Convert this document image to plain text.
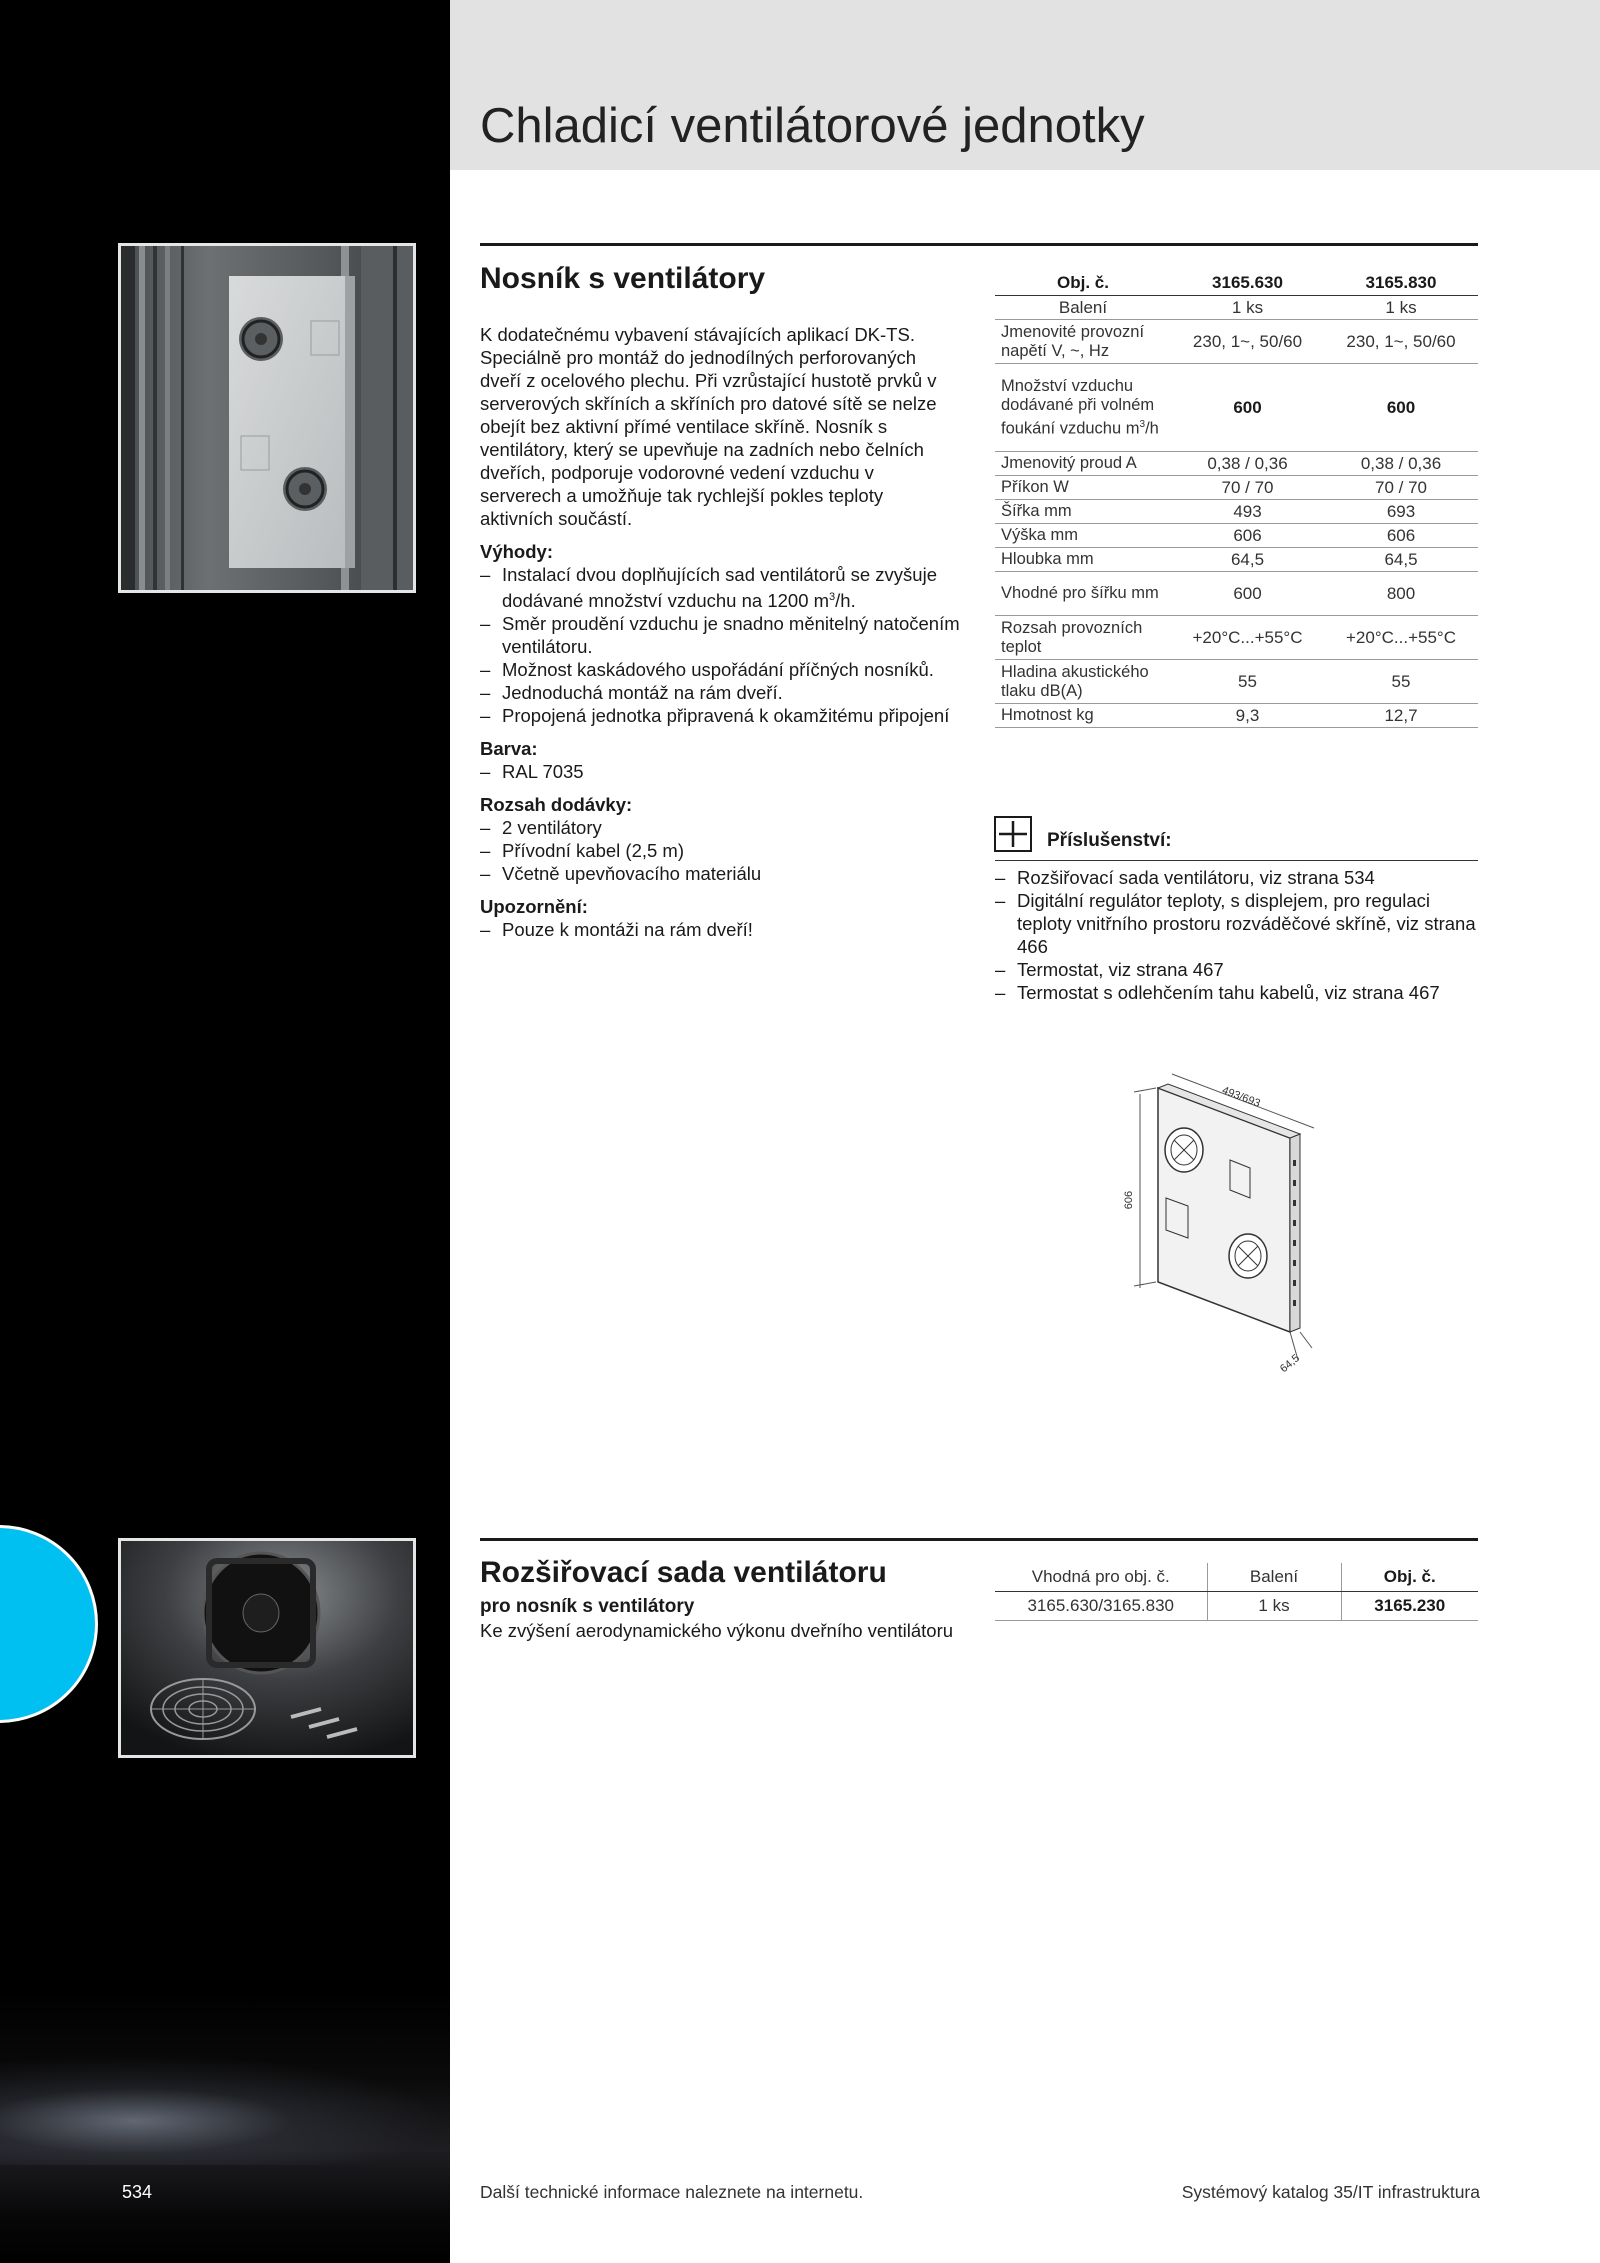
Chladicí ventilátorové jednotky
Nosník s ventilátory

K dodatečnému vybavení stávajících aplikací DK-TS. Speciálně pro montáž do jednodílných perforovaných dveří z ocelového plechu. Při vzrůstající hustotě prvků v serverových skříních a skříních pro datové sítě se nelze obejít bez aktivní přímé ventilace skříně. Nosník s ventilátory, který se upevňuje na zadních nebo čelních dveřích, podporuje vodorovné vedení vzduchu v serverech a umožňuje tak rychlejší pokles teploty aktivních součástí.

Výhody:

– Instalací dvou doplňujících sad ventilátorů se zvyšuje dodávané množství vzduchu na 1200 $m^3/h$.

– Směr proudění vzduchu je snadno měnitelný natočením ventilátoru.

– Možnost kaskádového uspořádání příčných nosníků.

– Jednoduchá montáž na rám dveří.

– Propojená jednotka připravená k okamžitému připojení

Barva:

– RAL 7035

Rozsah dodávky:

– 2 ventilátory

– Přívodní kabel (2,5 m)

– Včetně upevňovacího materiálu

Upozornění:

– Pouze k montáži na rám dveří!

Obj. č.	3165.630	3165.830
Balení	1 ks	1 ks
Jmenovité provozní napětí V, ~, Hz	230, 1~, 50/60	230, 1~, 50/60
Množství vzduchu dodávané při volném foukání vzduchu $m^3/h$	600	600
Jmenovitý proud A	0,38 / 0,36	0,38 / 0,36
Příkon W	70 / 70	70 / 70
Šířka mm	493	693
Výška mm	606	606
Hloubka mm	64,5	64,5
Vhodné pro šířku mm	600	800
Rozsah provozních teplot	+20°C...+55°C	+20°C...+55°C
Hladina akustického tlaku dB(A)	55	55
Hmotnost kg	9,3	12,7
Příslušenství:

– Rozšiřovací sada ventilátoru, viz strana 534

– Digitální regulátor teploty, s displejem, pro regulaci teploty vnitřního prostoru rozváděčové skříně, viz strana 466

– Termostat, viz strana 467

– Termostat s odlehčením tahu kabelů, viz strana 467

606
493/693
64,5
Rozšiřovací sada ventilátoru
pro nosník s ventilátory
Ke zvýšení aerodynamického výkonu dveřního ventilátoru
Vhodná pro obj. č.	Balení	Obj. č.
3165.630/3165.830	1 ks	3165.230
534	Další technické informace naleznete na internetu.	Systémový katalog 35/IT infrastruktura
